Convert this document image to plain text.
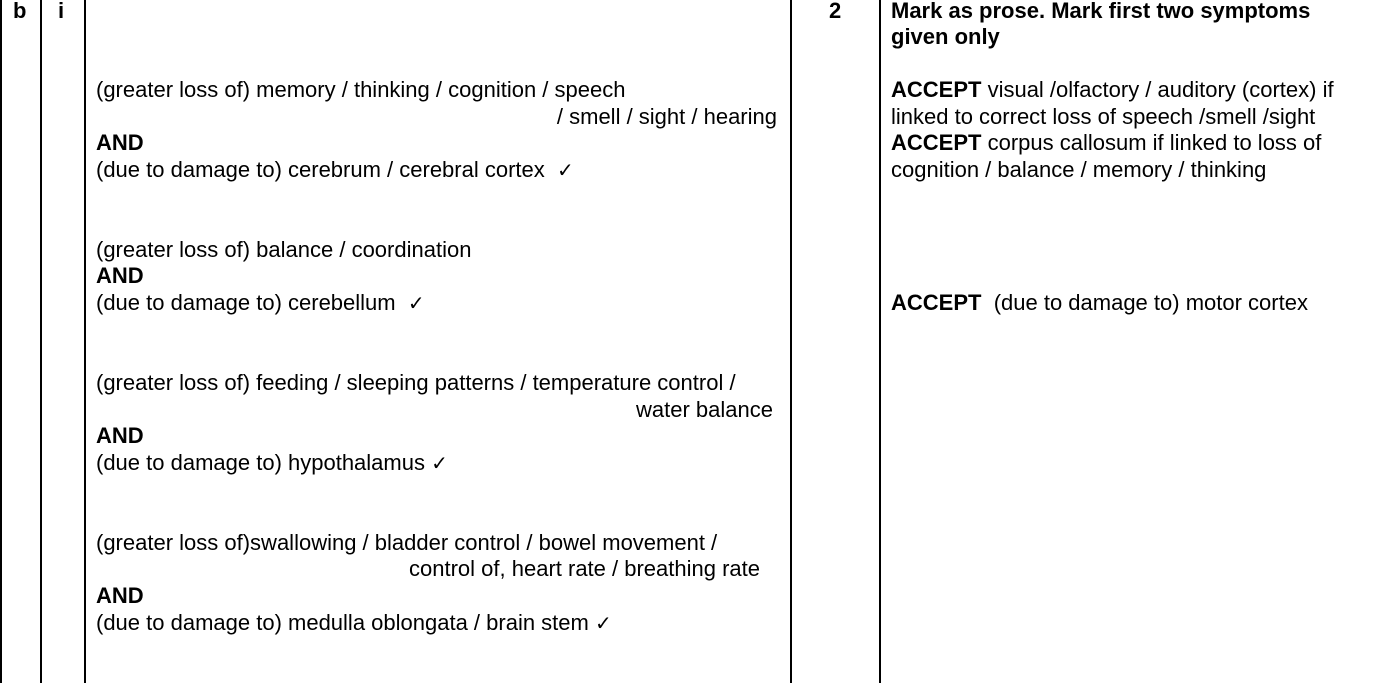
b i	2
(greater loss of) memory / thinking / cognition / speech
/ smell / sight / hearing
AND
(due to damage to) cerebrum / cerebral cortex ✓
(greater loss of) balance / coordination
AND
(due to damage to) cerebellum ✓
(greater loss of) feeding / sleeping patterns / temperature control /
water balance
AND
(due to damage to) hypothalamus ✓
(greater loss of)swallowing / bladder control / bowel movement /
control of, heart rate / breathing rate
AND
(due to damage to) medulla oblongata / brain stem ✓
Mark as prose. Mark first two symptoms
given only
ACCEPT visual /olfactory / auditory (cortex) if
linked to correct loss of speech /smell /sight
ACCEPT corpus callosum if linked to loss of
cognition / balance / memory / thinking
ACCEPT (due to damage to) motor cortex
